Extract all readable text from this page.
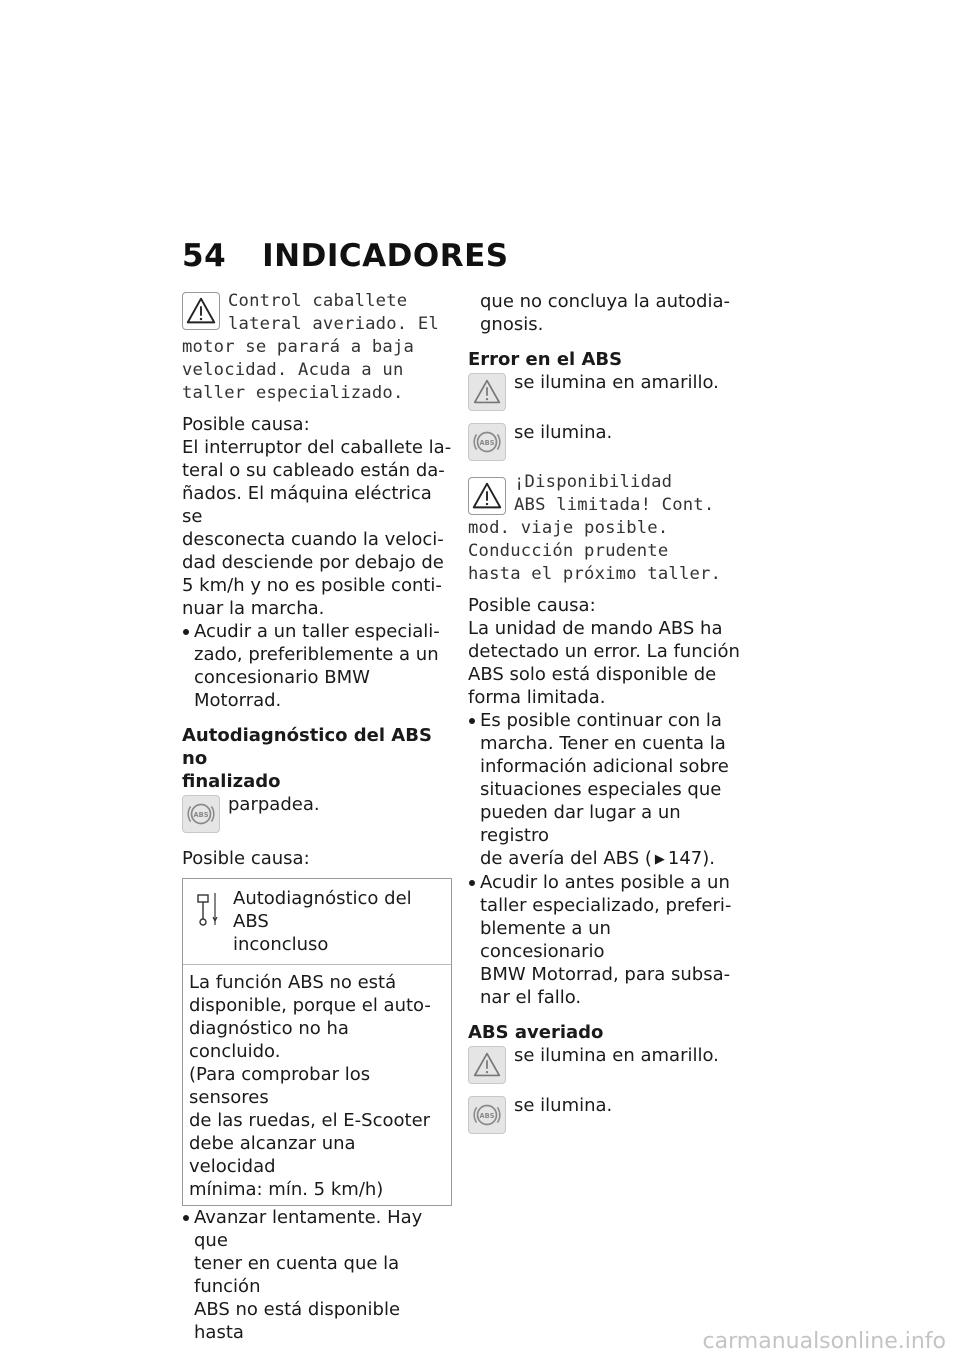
54 INDICADORES
Control caballete
lateral averiado. El
motor se parará a baja
velocidad. Acuda a un
taller especializado.

Posible causa:

El interruptor del caballete la-

teral o su cableado están da-

ñados. El máquina eléctrica se

desconecta cuando la veloci-

dad desciende por debajo de

5 km/h y no es posible conti-

nuar la marcha.

Acudir a un taller especiali-
zado, preferiblemente a un
concesionario BMW Motorrad.

Autodiagnóstico del ABS no

finalizado

ABS	parpadea.

Posible causa:

Autodiagnóstico del ABS
inconcluso
La función ABS no está
disponible, porque el auto-
diagnóstico no ha concluido.
(Para comprobar los sensores
de las ruedas, el E-Scooter
debe alcanzar una velocidad
mínima: mín. 5 km/h)
Avanzar lentamente. Hay que
tener en cuenta que la función
ABS no está disponible hasta

que no concluya la autodia-

gnosis.

Error en el ABS

se ilumina en amarillo.
ABS	se ilumina.
¡Disponibilidad
ABS limitada! Cont.
mod. viaje posible.
Conducción prudente
hasta el próximo taller.

Posible causa:

La unidad de mando ABS ha

detectado un error. La función

ABS solo está disponible de

forma limitada.

Es posible continuar con la
marcha. Tener en cuenta la
información adicional sobre
situaciones especiales que
pueden dar lugar a un registro
de avería del ABS ( ▶ 147).
Acudir lo antes posible a un
taller especializado, preferi-
blemente a un concesionario
BMW Motorrad, para subsa-
nar el fallo.

ABS averiado

se ilumina en amarillo.
ABS	se ilumina.
carmanualsonline.info
